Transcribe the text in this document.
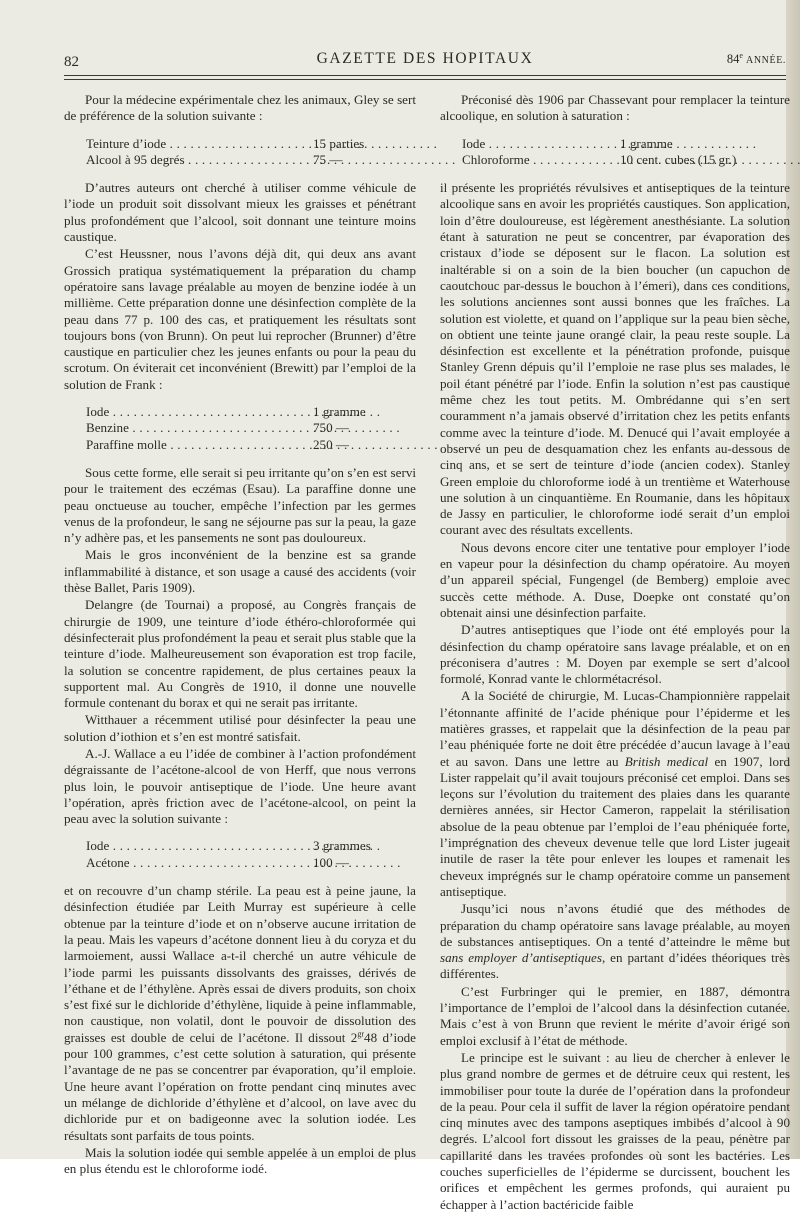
82	GAZETTE DES HOPITAUX	84e ANNÉE.

Pour la médecine expérimentale chez les animaux, Gley se sert de préférence de la solution suivante :

Teinture d’iode . . .	15 parties
Alcool à 95 degrés . . .	75 —

D’autres auteurs ont cherché à utiliser comme véhicule de l’iode un produit soit dissolvant mieux les graisses et pénétrant plus profondément que l’alcool, soit donnant une teinture moins caustique.

C’est Heussner, nous l’avons déjà dit, qui deux ans avant Grossich pratiqua systématiquement la préparation du champ opératoire sans lavage préalable au moyen de benzine iodée à un millième. Cette préparation donne une désinfection complète de la peau dans 77 p. 100 des cas, et pratiquement les résultats sont toujours bons (von Brunn). On peut lui reprocher (Brunner) d’être caustique en particulier chez les jeunes enfants ou pour la peau du scrotum. On éviterait cet inconvénient (Brewitt) par l’emploi de la solution de Frank :

Iode . . .	1 gramme
Benzine . . .	750 —
Paraffine molle . . .	250 —

Sous cette forme, elle serait si peu irritante qu’on s’en est servi pour le traitement des eczémas (Esau). La paraffine donne une peau onctueuse au toucher, empêche l’infection par les germes venus de la profondeur, le sang ne séjourne pas sur la peau, la gaze n’y adhère pas, et les pansements ne sont pas douloureux.

Mais le gros inconvénient de la benzine est sa grande inflammabilité à distance, et son usage a causé des accidents (voir thèse Ballet, Paris 1909).

Delangre (de Tournai) a proposé, au Congrès français de chirurgie de 1909, une teinture d’iode éthéro-chloroformée qui désinfecterait plus profondément la peau et serait plus stable que la teinture d’iode. Malheureusement son évaporation est trop facile, la solution se concentre rapidement, de plus certaines peaux la supportent mal. Au Congrès de 1910, il donne une nouvelle formule contenant du borax et qui ne serait pas irritante.

Witthauer a récemment utilisé pour désinfecter la peau une solution d’iothion et s’en est montré satisfait.

A.-J. Wallace a eu l’idée de combiner à l’action profondément dégraissante de l’acétone-alcool de von Herff, que nous verrons plus loin, le pouvoir antiseptique de l’iode. Une heure avant l’opération, après friction avec de l’acétone-alcool, on peint la peau avec la solution suivante :

Iode . . .	3 grammes
Acétone . . .	100 —

et on recouvre d’un champ stérile. La peau est à peine jaune, la désinfection étudiée par Leith Murray est supérieure à celle obtenue par la teinture d’iode et on n’observe aucune irritation de la peau. Mais les vapeurs d’acétone donnent lieu à du coryza et du larmoiement, aussi Wallace a-t-il cherché un autre véhicule de l’iode parmi les puissants dissolvants des graisses, dérivés de l’éthane et de l’éthylène. Après essai de divers produits, son choix s’est fixé sur le dichloride d’éthylène, liquide à peine inflammable, non caustique, non volatil, dont le pouvoir de dissolution des graisses est double de celui de l’acétone. Il dissout $2^{gr}48$ d’iode pour 100 grammes, c’est cette solution à saturation, qui présente l’avantage de ne pas se concentrer par évaporation, qu’il emploie. Une heure avant l’opération on frotte pendant cinq minutes avec un mélange de dichloride d’éthylène et d’alcool, on lave avec du dichloride pur et on badigeonne avec la solution iodée. Les résultats sont parfaits de tous points.

Mais la solution iodée qui semble appelée à un emploi de plus en plus étendu est le chloroforme iodé.

Préconisé dès 1906 par Chassevant pour remplacer la teinture alcoolique, en solution à saturation :

Iode . . .	1 gramme
Chloroforme . . .	10 cent. cubes (15 gr.)

il présente les propriétés révulsives et antiseptiques de la teinture alcoolique sans en avoir les propriétés caustiques. Son application, loin d’être douloureuse, est légèrement anesthésiante. La solution étant à saturation ne peut se concentrer, par évaporation des cristaux d’iode se déposent sur le flacon. La solution est inaltérable si on a soin de la bien boucher (un capuchon de caoutchouc par-dessus le bouchon à l’émeri), dans ces conditions, les solutions anciennes sont aussi bonnes que les fraîches. La solution est violette, et quand on l’applique sur la peau bien sèche, on obtient une teinte jaune orangé clair, la peau reste souple. La désinfection est excellente et la pénétration profonde, puisque Stanley Grenn dépuis qu’il l’emploie ne rase plus ses malades, le poil étant pénétré par l’iode. Enfin la solution n’est pas caustique même chez les tout petits. M. Ombrédanne qui s’en sert couramment n’a jamais observé d’irritation chez les petits enfants comme avec la teinture d’iode. M. Denucé qui l’avait employée a observé un peu de desquamation chez les enfants au-dessous de cinq ans, et se sert de teinture d’iode (ancien codex). Stanley Green emploie du chloroforme iodé à un trentième et Waterhouse une solution à un cinquantième. En Roumanie, dans les hôpitaux de Jassy en particulier, le chloroforme iodé serait d’un emploi courant avec des résultats excellents.

Nous devons encore citer une tentative pour employer l’iode en vapeur pour la désinfection du champ opératoire. Au moyen d’un appareil spécial, Fungengel (de Bemberg) emploie avec succès cette méthode. A. Duse, Doepke ont constaté qu’on obtenait ainsi une désinfection parfaite.

D’autres antiseptiques que l’iode ont été employés pour la désinfection du champ opératoire sans lavage préalable, et on en préconisera d’autres : M. Doyen par exemple se sert d’alcool formolé, Konrad vante le chlormétacrésol.

A la Société de chirurgie, M. Lucas-Championnière rappelait l’étonnante affinité de l’acide phénique pour l’épiderme et les matières grasses, et rappelait que la désinfection de la peau par l’eau phéniquée forte ne doit être précédée d’aucun lavage à l’eau et au savon. Dans une lettre au British medical en 1907, lord Lister rappelait qu’il avait toujours préconisé cet emploi. Dans ses leçons sur l’évolution du traitement des plaies dans les quarante dernières années, sir Hector Cameron, rappelait la stérilisation absolue de la peau obtenue par l’emploi de l’eau phéniquée forte, l’imprégnation des cheveux devenue telle que lord Lister jugeait inutile de raser la tête pour enlever les loupes et ramenait les cheveux imprégnés sur le champ opératoire comme un pansement antiseptique.

Jusqu’ici nous n’avons étudié que des méthodes de préparation du champ opératoire sans lavage préalable, au moyen de substances antiseptiques. On a tenté d’atteindre le même but sans employer d’antiseptiques, en partant d’idées théoriques très différentes.

C’est Furbringer qui le premier, en 1887, démontra l’importance de l’emploi de l’alcool dans la désinfection cutanée. Mais c’est à von Brunn que revient le mérite d’avoir érigé son emploi exclusif à l’état de méthode.

Le principe est le suivant : au lieu de chercher à enlever le plus grand nombre de germes et de détruire ceux qui restent, les immobiliser pour toute la durée de l’opération dans la profondeur de la peau. Pour cela il suffit de laver la région opératoire pendant cinq minutes avec des tampons aseptiques imbibés d’alcool à 90 degrés. L’alcool fort dissout les graisses de la peau, pénètre par capillarité dans les travées profondes où sont les bactéries. Les couches superficielles de l’épiderme se durcissent, bouchent les orifices et empêchent les germes profonds, qui auraient pu échapper à l’action bactéricide faible
